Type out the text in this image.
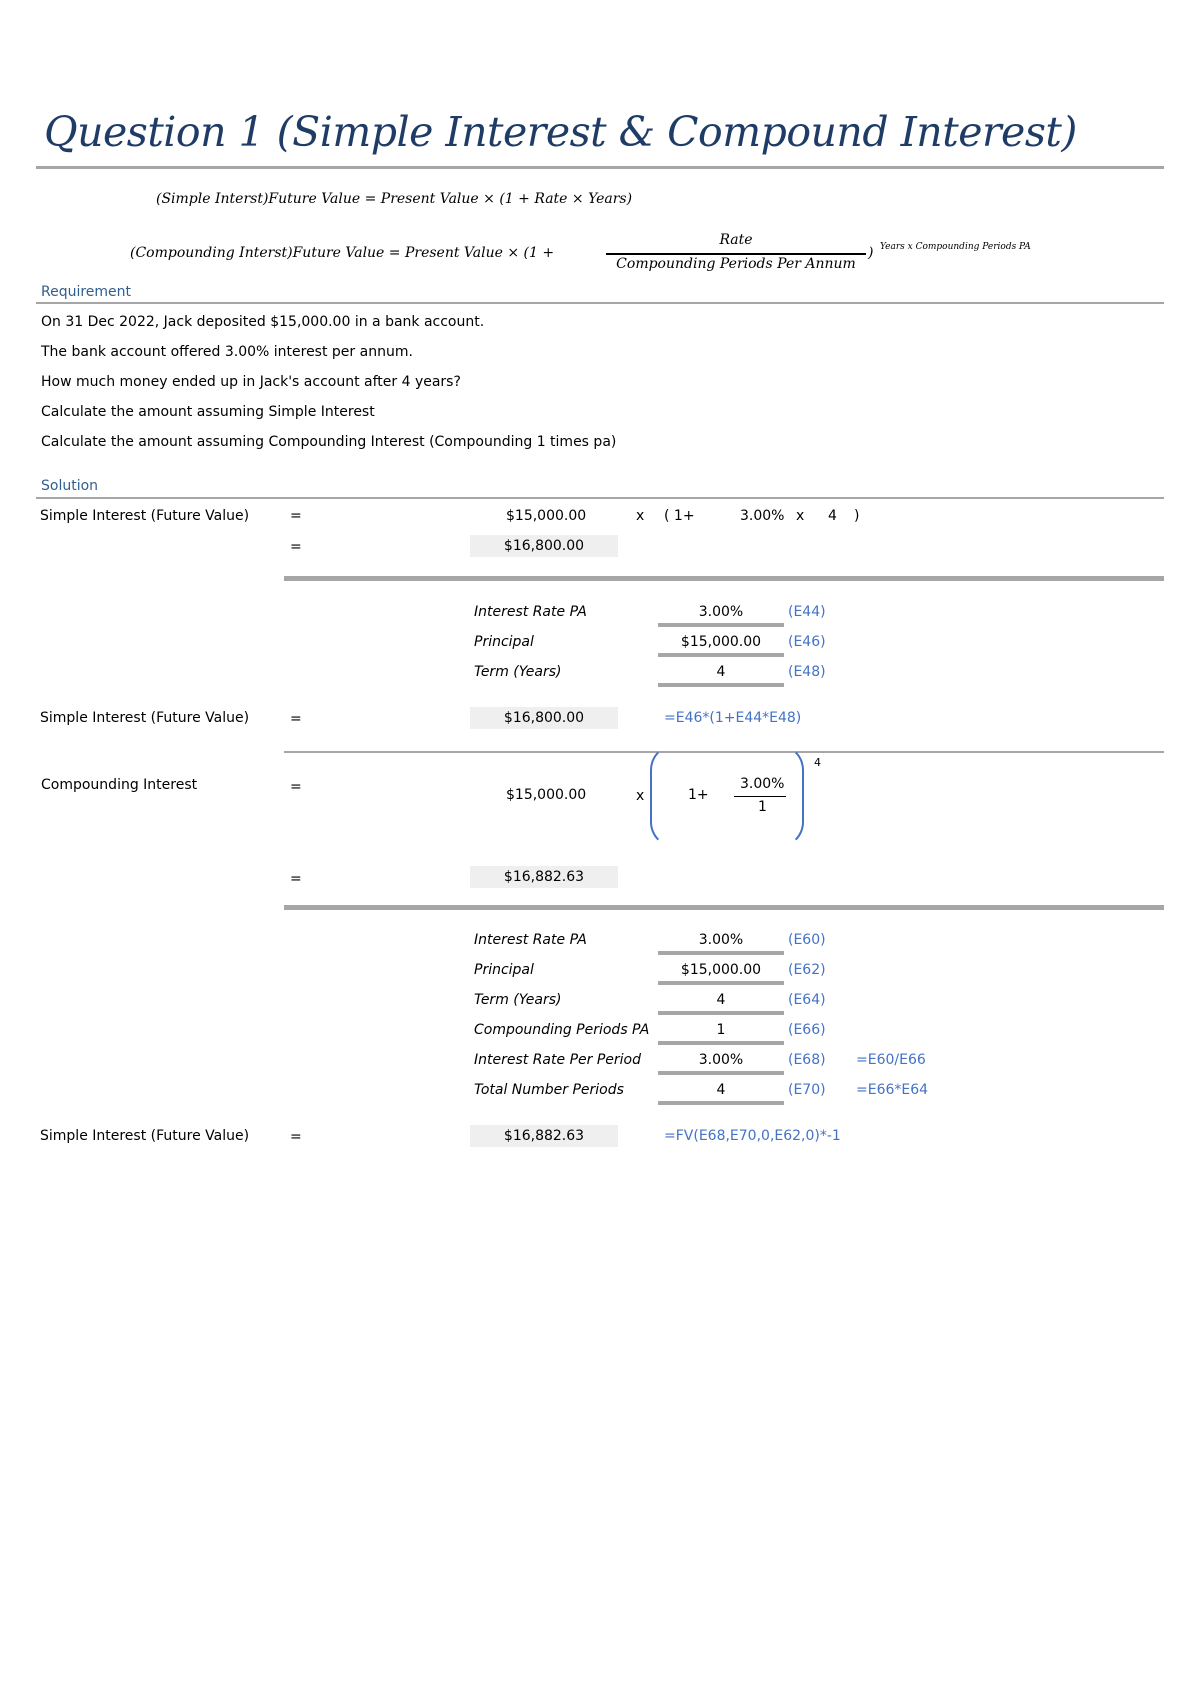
Question 1 (Simple Interest & Compound Interest)
(Simple Interst)Future Value = Present Value × (1 + Rate × Years)
(Compounding Interst)Future Value = Present Value × (1 +
Rate
Compounding Periods Per Annum
) Years x Compounding Periods PA
Requirement
On 31 Dec 2022, Jack deposited $15,000.00 in a bank account.
The bank account offered 3.00% interest per annum.
How much money ended up in Jack's account after 4 years?
Calculate the amount assuming Simple Interest
Calculate the amount assuming Compounding Interest (Compounding 1 times pa)
Solution
Simple Interest (Future Value)	=	$15,000.00	x ( 1+	3.00% x 4 )
=	$16,800.00
Interest Rate PA	3.00%	(E44)
Principal	$15,000.00	(E46)
Term (Years)	4	(E48)
Simple Interest (Future Value)	=	$16,800.00	=E46*(1+E44*E48)
Compounding Interest	=	$15,000.00	x	1+
3.00%
1
4
=	$16,882.63
Interest Rate PA	3.00%	(E60)
Principal	$15,000.00	(E62)
Term (Years)	4	(E64)
Compounding Periods PA	1	(E66)
Interest Rate Per Period	3.00%	(E68) =E60/E66
Total Number Periods	4	(E70) =E66*E64
Simple Interest (Future Value)	=	$16,882.63	=FV(E68,E70,0,E62,0)*-1
